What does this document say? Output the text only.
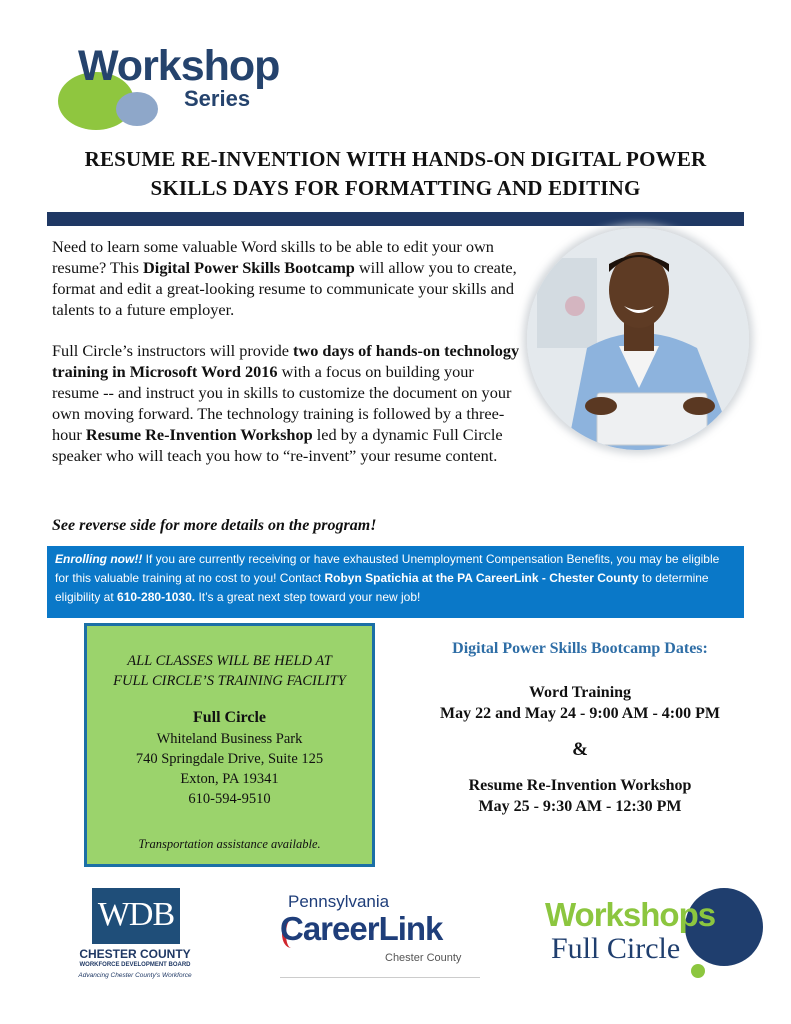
Workshop
Series
RESUME RE-INVENTION WITH HANDS-ON DIGITAL POWER
SKILLS DAYS FOR FORMATTING AND EDITING

Need to learn some valuable Word skills to be able to edit your own resume? This Digital Power Skills Bootcamp will allow you to create, format and edit a great-looking resume to communicate your skills and talents to a future employer.

Full Circle’s instructors will provide two days of hands-on technology training in Microsoft Word 2016 with a focus on building your resume -- and instruct you in skills to customize the document on your own moving forward. The technology training is followed by a three-hour Resume Re-Invention Workshop led by a dynamic Full Circle speaker who will teach you how to “re-invent” your resume content.

See reverse side for more details on the program!
Enrolling now!! If you are currently receiving or have exhausted Unemployment Compensation Benefits, you may be eligible for this valuable training at no cost to you! Contact Robyn Spatichia at the PA CareerLink - Chester County to determine eligibility at 610-280-1030. It’s a great next step toward your new job!
ALL CLASSES WILL BE HELD AT
FULL CIRCLE’S TRAINING FACILITY
Full Circle
Whiteland Business Park
740 Springdale Drive, Suite 125
Exton, PA 19341
610-594-9510
Transportation assistance available.
Digital Power Skills Bootcamp Dates:
Word Training
May 22 and May 24 - 9:00 AM - 4:00 PM
&
Resume Re-Invention Workshop
May 25 - 9:30 AM - 12:30 PM
WDB
CHESTER COUNTY
WORKFORCE DEVELOPMENT BOARD
Advancing Chester County's Workforce
Pennsylvania
CareerLink
Chester County
Workshops
Full Circle
